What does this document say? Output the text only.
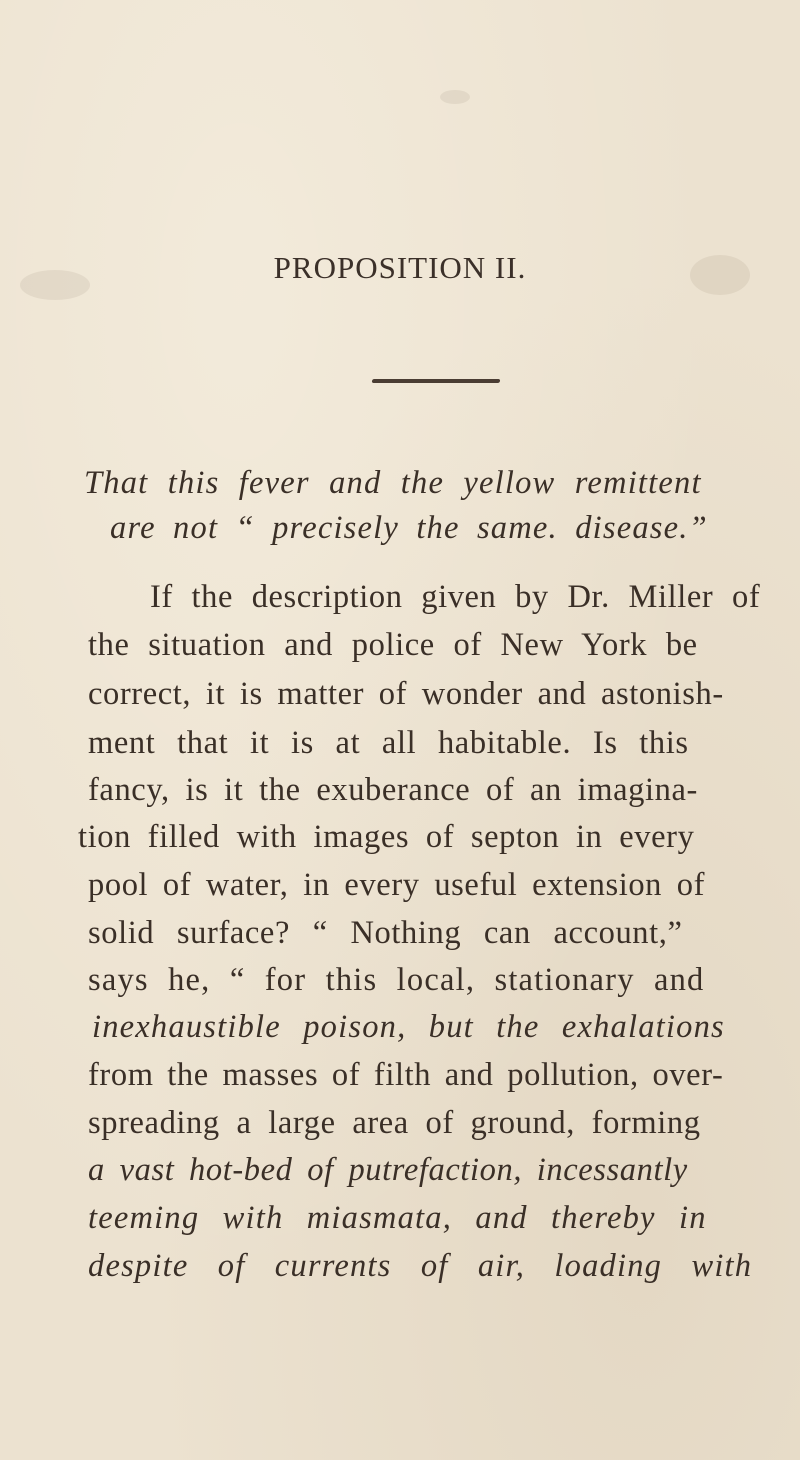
PROPOSITION II.
That this fever and the yellow remittent
are not “ precisely the same. disease.”
If the description given by Dr. Miller of
the situation and police of New York be
correct, it is matter of wonder and astonish-
ment that it is at all habitable. Is this
fancy, is it the exuberance of an imagina-
tion filled with images of septon in every
pool of water, in every useful extension of
solid surface? “ Nothing can account,”
says he, “ for this local, stationary and
inexhaustible poison, but the exhalations
from the masses of filth and pollution, over-
spreading a large area of ground, forming
a vast hot-bed of putrefaction, incessantly
teeming with miasmata, and thereby in
despite of currents of air, loading with
